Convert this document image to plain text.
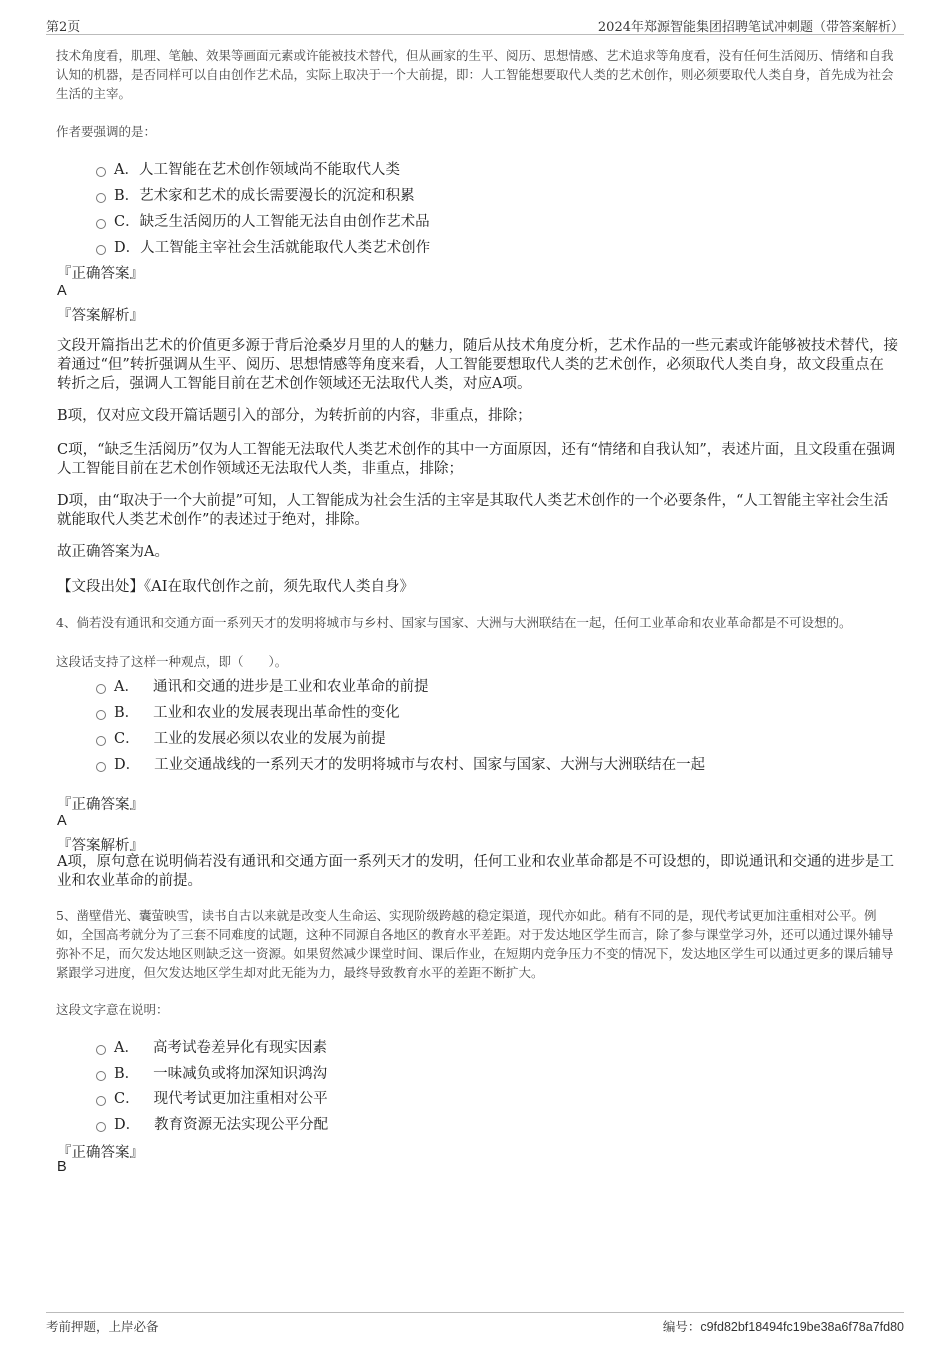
第2页	2024年郑源智能集团招聘笔试冲刺题（带答案解析）
技术角度看，肌理、笔触、效果等画面元素或许能被技术替代，但从画家的生平、阅历、思想情感、艺术追求等角度看，没有任何生活阅历、情绪和自我认知的机器，是否同样可以自由创作艺术品，实际上取决于一个大前提，即：人工智能想要取代人类的艺术创作，则必须要取代人类自身，首先成为社会生活的主宰。
作者要强调的是：
A．人工智能在艺术创作领域尚不能取代人类
B．艺术家和艺术的成长需要漫长的沉淀和积累
C．缺乏生活阅历的人工智能无法自由创作艺术品
D．人工智能主宰社会生活就能取代人类艺术创作
『正确答案』
A
『答案解析』
文段开篇指出艺术的价值更多源于背后沧桑岁月里的人的魅力，随后从技术角度分析，艺术作品的一些元素或许能够被技术替代，接着通过“但”转折强调从生平、阅历、思想情感等角度来看，人工智能要想取代人类的艺术创作，必须取代人类自身，故文段重点在转折之后，强调人工智能目前在艺术创作领域还无法取代人类，对应A项。
B项，仅对应文段开篇话题引入的部分，为转折前的内容，非重点，排除；
C项，“缺乏生活阅历”仅为人工智能无法取代人类艺术创作的其中一方面原因，还有“情绪和自我认知”，表述片面，且文段重在强调人工智能目前在艺术创作领域还无法取代人类，非重点，排除；
D项，由“取决于一个大前提”可知，人工智能成为社会生活的主宰是其取代人类艺术创作的一个必要条件，“人工智能主宰社会生活就能取代人类艺术创作”的表述过于绝对，排除。
故正确答案为A。
【文段出处】《AI在取代创作之前，须先取代人类自身》
4、倘若没有通讯和交通方面一系列天才的发明将城市与乡村、国家与国家、大洲与大洲联结在一起，任何工业革命和农业革命都是不可设想的。
这段话支持了这样一种观点，即（　　）。
A． 通讯和交通的进步是工业和农业革命的前提
B． 工业和农业的发展表现出革命性的变化
C． 工业的发展必须以农业的发展为前提
D． 工业交通战线的一系列天才的发明将城市与农村、国家与国家、大洲与大洲联结在一起
『正确答案』
A
『答案解析』
A项，原句意在说明倘若没有通讯和交通方面一系列天才的发明，任何工业和农业革命都是不可设想的，即说通讯和交通的进步是工业和农业革命的前提。
5、凿壁借光、囊萤映雪，读书自古以来就是改变人生命运、实现阶级跨越的稳定渠道，现代亦如此。稍有不同的是，现代考试更加注重相对公平。例如，全国高考就分为了三套不同难度的试题，这种不同源自各地区的教育水平差距。对于发达地区学生而言，除了参与课堂学习外，还可以通过课外辅导弥补不足，而欠发达地区则缺乏这一资源。如果贸然减少课堂时间、课后作业，在短期内竞争压力不变的情况下，发达地区学生可以通过更多的课后辅导紧跟学习进度，但欠发达地区学生却对此无能为力，最终导致教育水平的差距不断扩大。
这段文字意在说明：
A． 高考试卷差异化有现实因素
B． 一味减负或将加深知识鸿沟
C． 现代考试更加注重相对公平
D． 教育资源无法实现公平分配
『正确答案』
B
考前押题，上岸必备	编号：c9fd82bf18494fc19be38a6f78a7fd80
